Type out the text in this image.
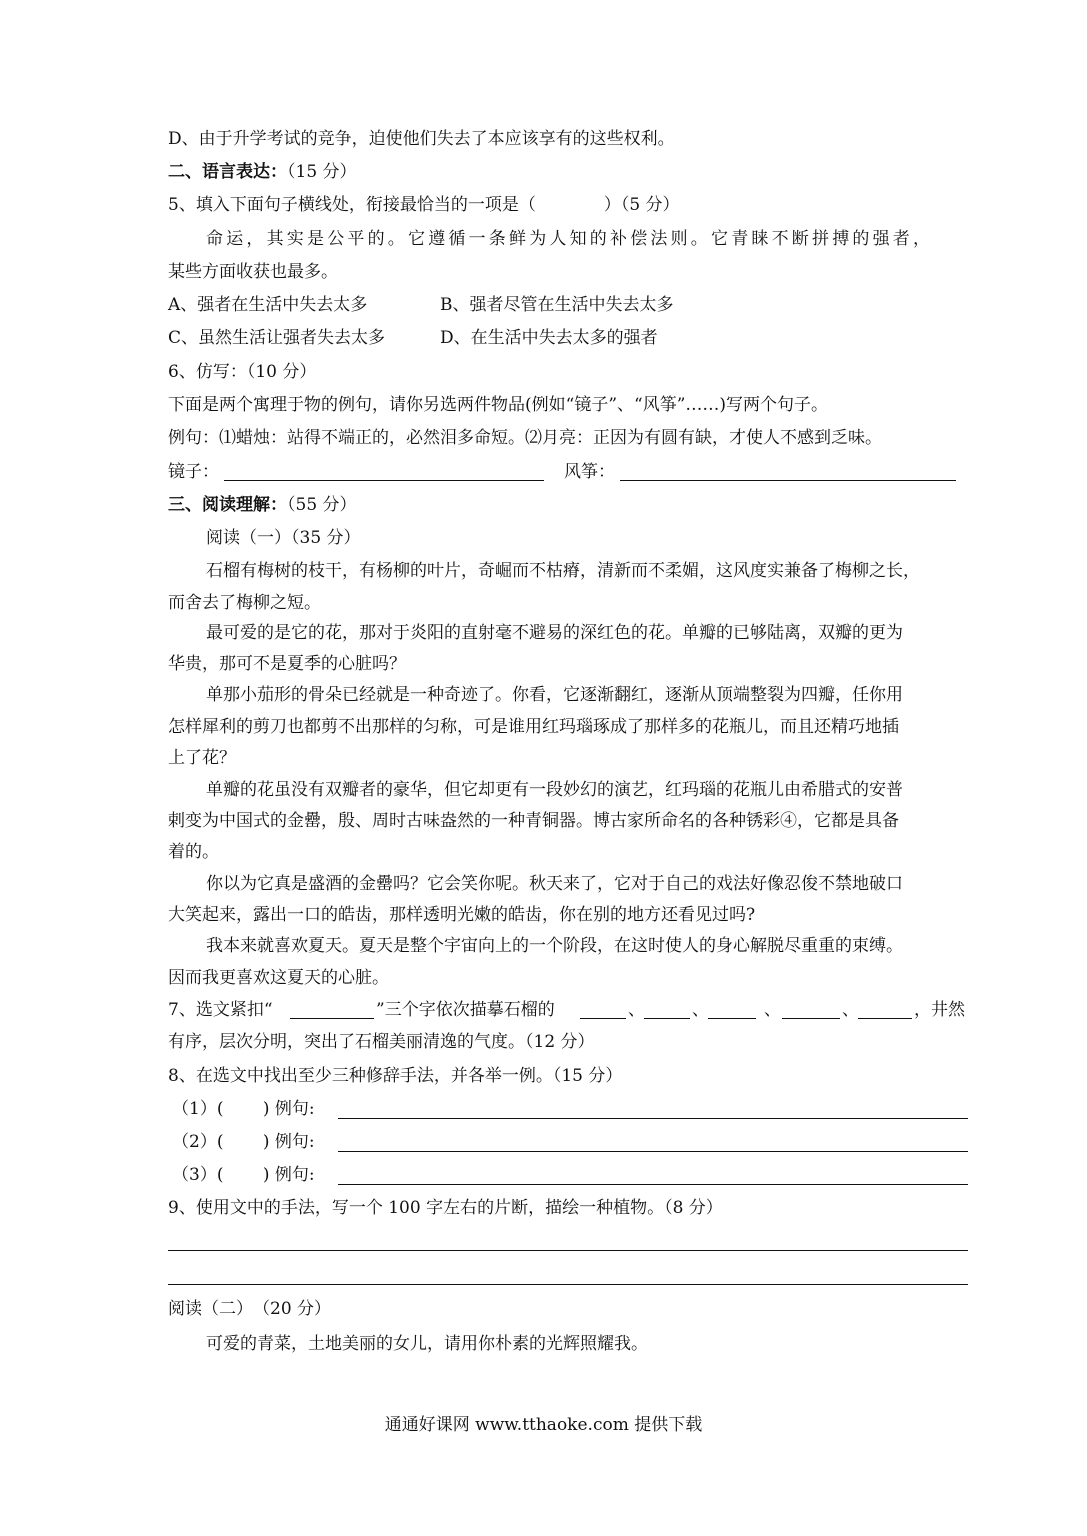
D、由于升学考试的竞争，迫使他们失去了本应该享有的这些权利。
二、语言表达：（15 分）
5、填入下面句子横线处，衔接最恰当的一项是（　　　　）（5 分）
命运，其实是公平的。它遵循一条鲜为人知的补偿法则。它青睐不断拼搏的强者，
某些方面收获也最多。
A、强者在生活中失去太多	B、强者尽管在生活中失去太多
C、虽然生活让强者失去太多	D、在生活中失去太多的强者
6、仿写：（10 分）
下面是两个寓理于物的例句，请你另选两件物品(例如“镜子”、“风筝”……)写两个句子。
例句：⑴蜡烛：站得不端正的，必然泪多命短。⑵月亮：正因为有圆有缺，才使人不感到乏味。
镜子：	风筝：
三、阅读理解：（55 分）
阅读（一）（35 分）
石榴有梅树的枝干，有杨柳的叶片，奇崛而不枯瘠，清新而不柔媚，这风度实兼备了梅柳之长，
而舍去了梅柳之短。
最可爱的是它的花，那对于炎阳的直射毫不避易的深红色的花。单瓣的已够陆离，双瓣的更为
华贵，那可不是夏季的心脏吗？
单那小茄形的骨朵已经就是一种奇迹了。你看，它逐渐翻红，逐渐从顶端整裂为四瓣，任你用
怎样犀利的剪刀也都剪不出那样的匀称，可是谁用红玛瑙琢成了那样多的花瓶儿，而且还精巧地插
上了花？
单瓣的花虽没有双瓣者的豪华，但它却更有一段妙幻的演艺，红玛瑙的花瓶儿由希腊式的安普
剌变为中国式的金罍，殷、周时古味盎然的一种青铜器。博古家所命名的各种锈彩④，它都是具备
着的。
你以为它真是盛酒的金罍吗？它会笑你呢。秋天来了，它对于自己的戏法好像忍俊不禁地破口
大笑起来，露出一口的皓齿，那样透明光嫩的皓齿，你在别的地方还看见过吗?
我本来就喜欢夏天。夏天是整个宇宙向上的一个阶段，在这时使人的身心解脱尽重重的束缚。
因而我更喜欢这夏天的心脏。
7、选文紧扣“	”三个字依次描摹石榴的	、	、	、	、	，井然
有序，层次分明，突出了石榴美丽清逸的气度。（12 分）
8、在选文中找出至少三种修辞手法，并各举一例。（15 分）
（1）(　　 ) 例句:
（2）(　　 ) 例句:
（3）(　　 ) 例句:
9、使用文中的手法，写一个 100 字左右的片断，描绘一种植物。（8 分）
阅读（二）　（20 分）
可爱的青菜，土地美丽的女儿，请用你朴素的光辉照耀我。
通通好课网 www.tthaoke.com 提供下载
